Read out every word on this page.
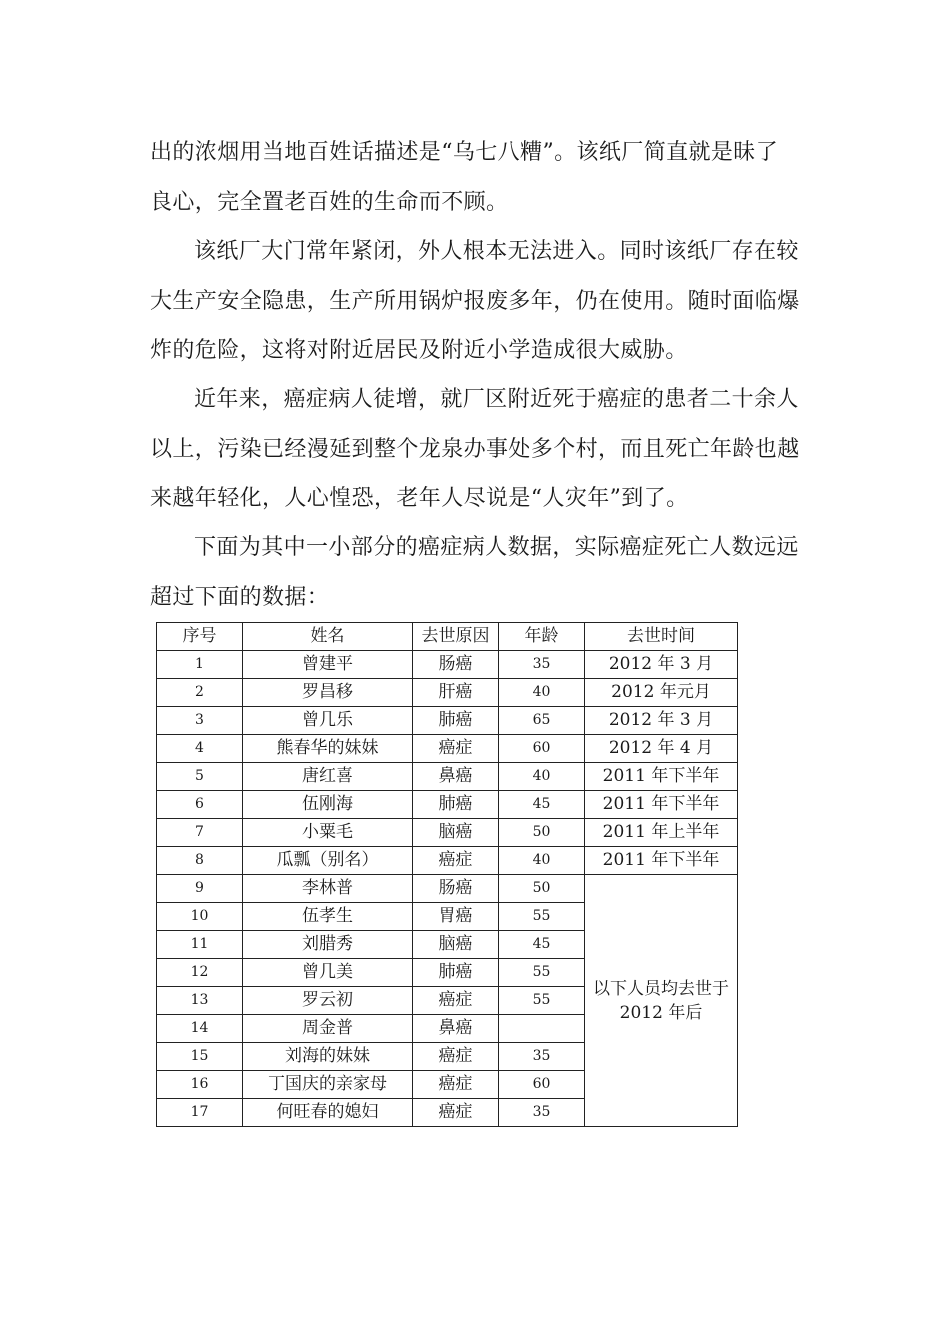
出的浓烟用当地百姓话描述是“乌七八糟”。该纸厂简直就是昧了良心，完全置老百姓的生命而不顾。

该纸厂大门常年紧闭，外人根本无法进入。同时该纸厂存在较大生产安全隐患，生产所用锅炉报废多年，仍在使用。随时面临爆炸的危险，这将对附近居民及附近小学造成很大威胁。

近年来，癌症病人徒增，就厂区附近死于癌症的患者二十余人以上，污染已经漫延到整个龙泉办事处多个村，而且死亡年龄也越来越年轻化，人心惶恐，老年人尽说是“人灾年”到了。

下面为其中一小部分的癌症病人数据，实际癌症死亡人数远远超过下面的数据：

序号	姓名	去世原因	年龄	去世时间
1	曾建平	肠癌	35	2012 年 3 月
2	罗昌移	肝癌	40	2012 年元月
3	曾几乐	肺癌	65	2012 年 3 月
4	熊春华的妹妹	癌症	60	2012 年 4 月
5	唐红喜	鼻癌	40	2011 年下半年
6	伍刚海	肺癌	45	2011 年下半年
7	小粟毛	脑癌	50	2011 年上半年
8	瓜瓢（别名）	癌症	40	2011 年下半年
9	李林普	肠癌	50	以下人员均去世于 2012 年后
10	伍孝生	胃癌	55	
11	刘腊秀	脑癌	45	
12	曾几美	肺癌	55	
13	罗云初	癌症	55	
14	周金普	鼻癌		
15	刘海的妹妹	癌症	35	
16	丁国庆的亲家母	癌症	60	
17	何旺春的媳妇	癌症	35	
